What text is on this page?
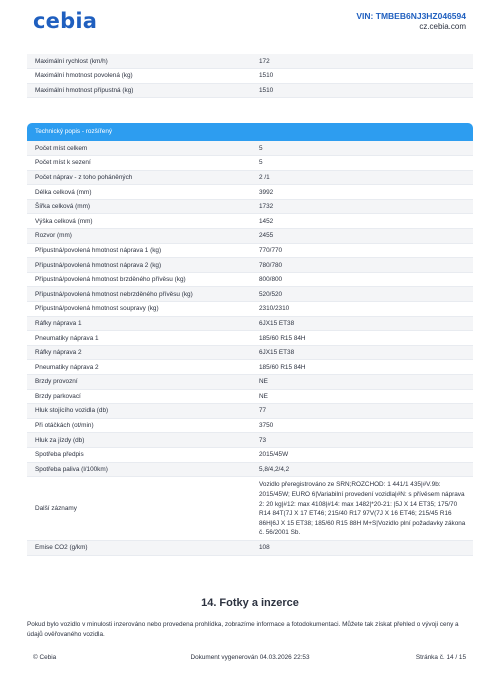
cebia	VIN: TMBEB6NJ3HZ046594
cz.cebia.com
Maximální rychlost (km/h)	172
Maximální hmotnost povolená (kg)	1510
Maximální hmotnost přípustná (kg)	1510
Technický popis - rozšířený
Počet míst celkem	5
Počet míst k sezení	5
Počet náprav - z toho poháněných	2 /1
Délka celková (mm)	3992
Šířka celková (mm)	1732
Výška celková (mm)	1452
Rozvor (mm)	2455
Přípustná/povolená hmotnost náprava 1 (kg)	770/770
Přípustná/povolená hmotnost náprava 2 (kg)	780/780
Přípustná/povolená hmotnost brzděného přívěsu (kg)	800/800
Přípustná/povolená hmotnost nebrzděného přívěsu (kg)	520/520
Přípustná/povolená hmotnost soupravy (kg)	2310/2310
Ráfky náprava 1	6JX15 ET38
Pneumatiky náprava 1	185/60 R15 84H
Ráfky náprava 2	6JX15 ET38
Pneumatiky náprava 2	185/60 R15 84H
Brzdy provozní	NE
Brzdy parkovací	NE
Hluk stojícího vozidla (db)	77
Při otáčkách (ot/min)	3750
Hluk za jízdy (db)	73
Spotřeba předpis	2015/45W
Spotřeba paliva (l/100km)	5,8/4,2/4,2
Další záznamy	Vozidlo přeregistrováno ze SRN;ROZCHOD: 1 441/1 435|#V.9b: 2015/45W; EURO 6|Variabilní provedení vozidla|#N: s přívěsem náprava 2: 20 kg|#12: max 4108|#14: max 1482|*20-21: |5J X 14 ET35; 175/70 R14 84T(7J X 17 ET46; 215/40 R17 97V(7J X 16 ET46; 215/45 R16 86H|6J X 15 ET38; 185/60 R15 88H M+S|Vozidlo plní požadavky zákona č. 56/2001 Sb.
Emise CO2 (g/km)	108
14. Fotky a inzerce
Pokud bylo vozidlo v minulosti inzerováno nebo provedena prohlídka, zobrazíme informace a fotodokumentaci. Můžete tak získat přehled o vývoji ceny a údajů ověřovaného vozidla.
© Cebia	Dokument vygenerován 04.03.2026 22:53	Stránka č. 14 / 15
